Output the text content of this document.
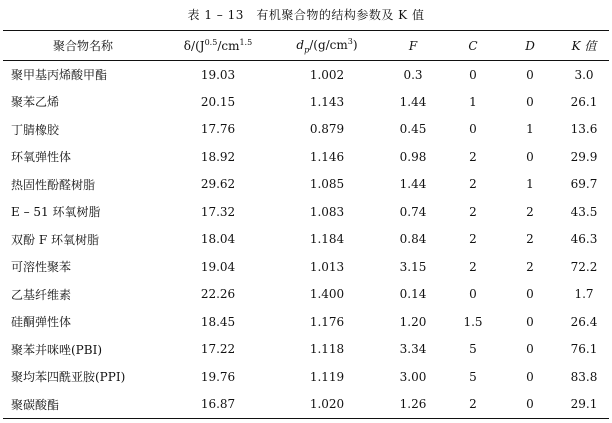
表 1 – 13　有机聚合物的结构参数及 K 值
聚合物名称	$\delta/(J^{0.5}/cm^{1.5}$	$d_p/(g/cm^3)$	F	C	D	K 值
聚甲基丙烯酸甲酯	19.03	1.002	0.3	0	0	3.0
聚苯乙烯	20.15	1.143	1.44	1	0	26.1
丁腈橡胶	17.76	0.879	0.45	0	1	13.6
环氧弹性体	18.92	1.146	0.98	2	0	29.9
热固性酚醛树脂	29.62	1.085	1.44	2	1	69.7
E – 51 环氧树脂	17.32	1.083	0.74	2	2	43.5
双酚 F 环氧树脂	18.04	1.184	0.84	2	2	46.3
可溶性聚苯	19.04	1.013	3.15	2	2	72.2
乙基纤维素	22.26	1.400	0.14	0	0	1.7
硅酮弹性体	18.45	1.176	1.20	1.5	0	26.4
聚苯并咪唑(PBI)	17.22	1.118	3.34	5	0	76.1
聚均苯四酰亚胺(PPI)	19.76	1.119	3.00	5	0	83.8
聚碳酸酯	16.87	1.020	1.26	2	0	29.1
